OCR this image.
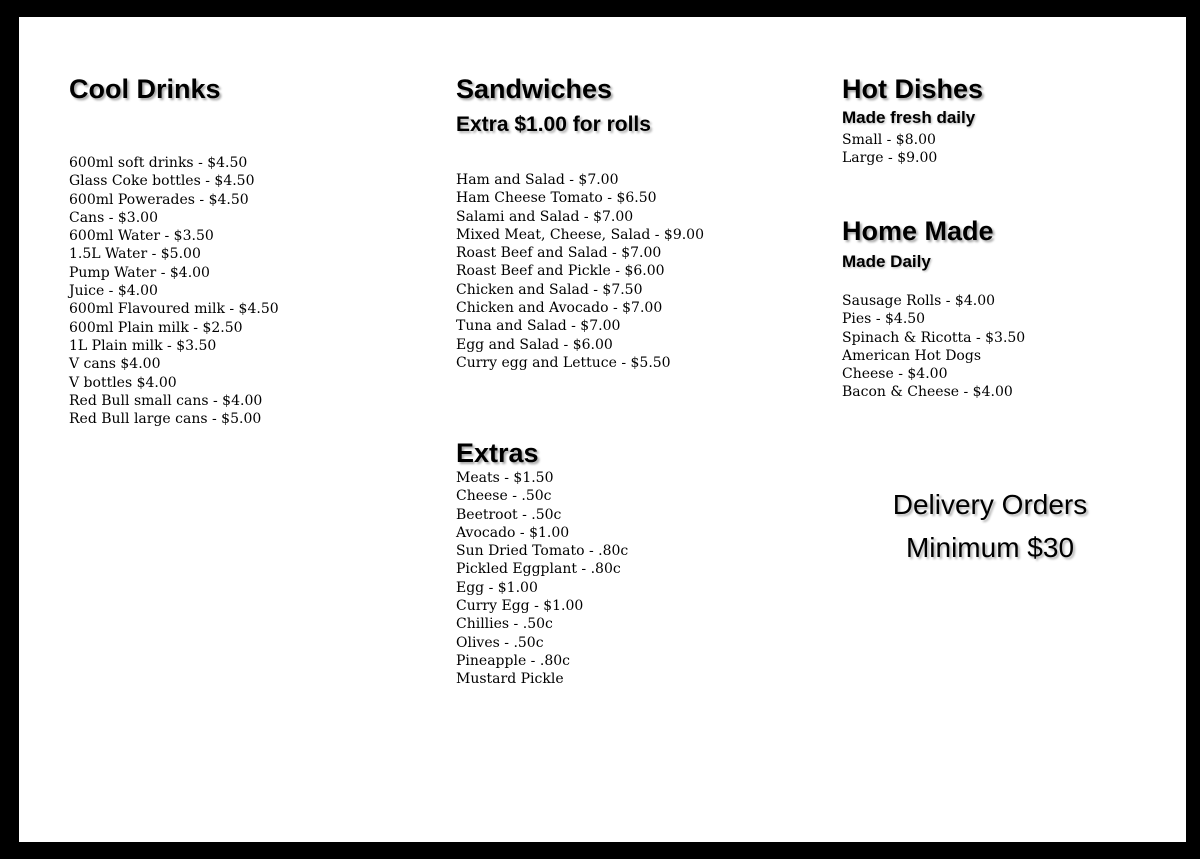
Cool Drinks
600ml soft drinks - $4.50
Glass Coke bottles - $4.50
600ml Powerades - $4.50
Cans - $3.00
600ml Water - $3.50
1.5L Water - $5.00
Pump Water - $4.00
Juice - $4.00
600ml Flavoured milk - $4.50
600ml Plain milk - $2.50
1L Plain milk - $3.50
V cans $4.00
V bottles $4.00
Red Bull small cans - $4.00
Red Bull large cans - $5.00
Sandwiches
Extra $1.00 for rolls
Ham and Salad - $7.00
Ham Cheese Tomato - $6.50
Salami and Salad - $7.00
Mixed Meat, Cheese, Salad - $9.00
Roast Beef and Salad - $7.00
Roast Beef and Pickle - $6.00
Chicken and Salad - $7.50
Chicken and Avocado - $7.00
Tuna and Salad - $7.00
Egg and Salad - $6.00
Curry egg and Lettuce - $5.50
Extras
Meats - $1.50
Cheese - .50c
Beetroot - .50c
Avocado - $1.00
Sun Dried Tomato - .80c
Pickled Eggplant - .80c
Egg - $1.00
Curry Egg - $1.00
Chillies - .50c
Olives - .50c
Pineapple - .80c
Mustard Pickle
Hot Dishes
Made fresh daily
Small - $8.00
Large - $9.00
Home Made
Made Daily
Sausage Rolls - $4.00
Pies - $4.50
Spinach & Ricotta - $3.50
American Hot Dogs
Cheese - $4.00
Bacon & Cheese - $4.00
Delivery Orders
Minimum $30
